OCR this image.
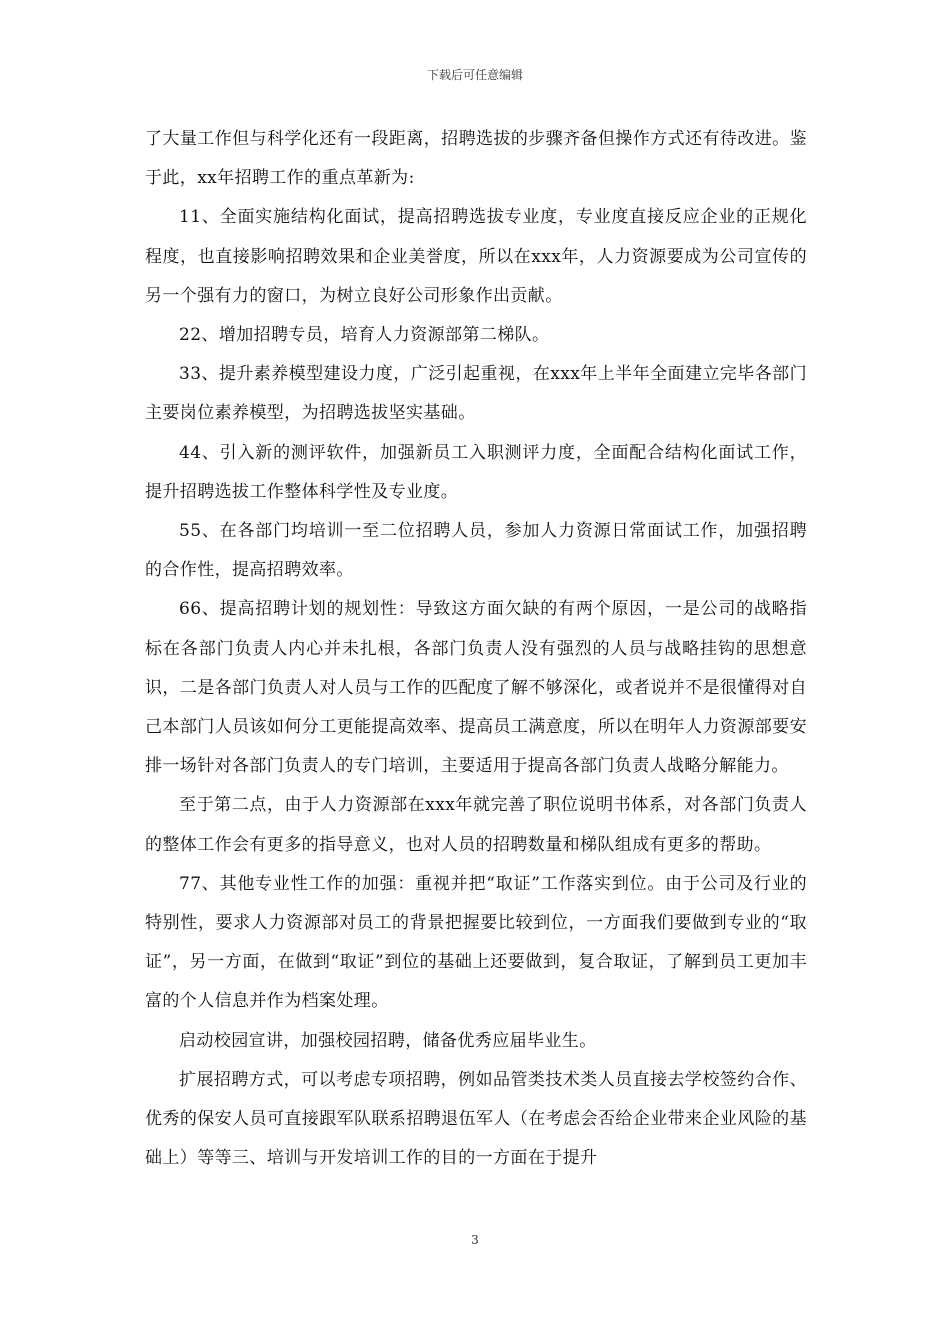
下载后可任意编辑

了大量工作但与科学化还有一段距离，招聘选拔的步骤齐备但操作方式还有待改进。鉴于此，xx年招聘工作的重点革新为:

11、全面实施结构化面试，提高招聘选拔专业度，专业度直接反应企业的正规化程度，也直接影响招聘效果和企业美誉度，所以在xxx年，人力资源要成为公司宣传的另一个强有力的窗口，为树立良好公司形象作出贡献。

22、增加招聘专员，培育人力资源部第二梯队。

33、提升素养模型建设力度，广泛引起重视，在xxx年上半年全面建立完毕各部门主要岗位素养模型，为招聘选拔坚实基础。

44、引入新的测评软件，加强新员工入职测评力度，全面配合结构化面试工作，提升招聘选拔工作整体科学性及专业度。

55、在各部门均培训一至二位招聘人员，参加人力资源日常面试工作，加强招聘的合作性，提高招聘效率。

66、提高招聘计划的规划性：导致这方面欠缺的有两个原因，一是公司的战略指标在各部门负责人内心并未扎根，各部门负责人没有强烈的人员与战略挂钩的思想意识，二是各部门负责人对人员与工作的匹配度了解不够深化，或者说并不是很懂得对自己本部门人员该如何分工更能提高效率、提高员工满意度，所以在明年人力资源部要安排一场针对各部门负责人的专门培训，主要适用于提高各部门负责人战略分解能力。

至于第二点，由于人力资源部在xxx年就完善了职位说明书体系，对各部门负责人的整体工作会有更多的指导意义，也对人员的招聘数量和梯队组成有更多的帮助。

77、其他专业性工作的加强：重视并把“取证”工作落实到位。由于公司及行业的特别性，要求人力资源部对员工的背景把握要比较到位，一方面我们要做到专业的“取证”，另一方面，在做到“取证”到位的基础上还要做到，复合取证，了解到员工更加丰富的个人信息并作为档案处理。

启动校园宣讲，加强校园招聘，储备优秀应届毕业生。

扩展招聘方式，可以考虑专项招聘，例如品管类技术类人员直接去学校签约合作、优秀的保安人员可直接跟军队联系招聘退伍军人（在考虑会否给企业带来企业风险的基础上）等等三、培训与开发培训工作的目的一方面在于提升

3
